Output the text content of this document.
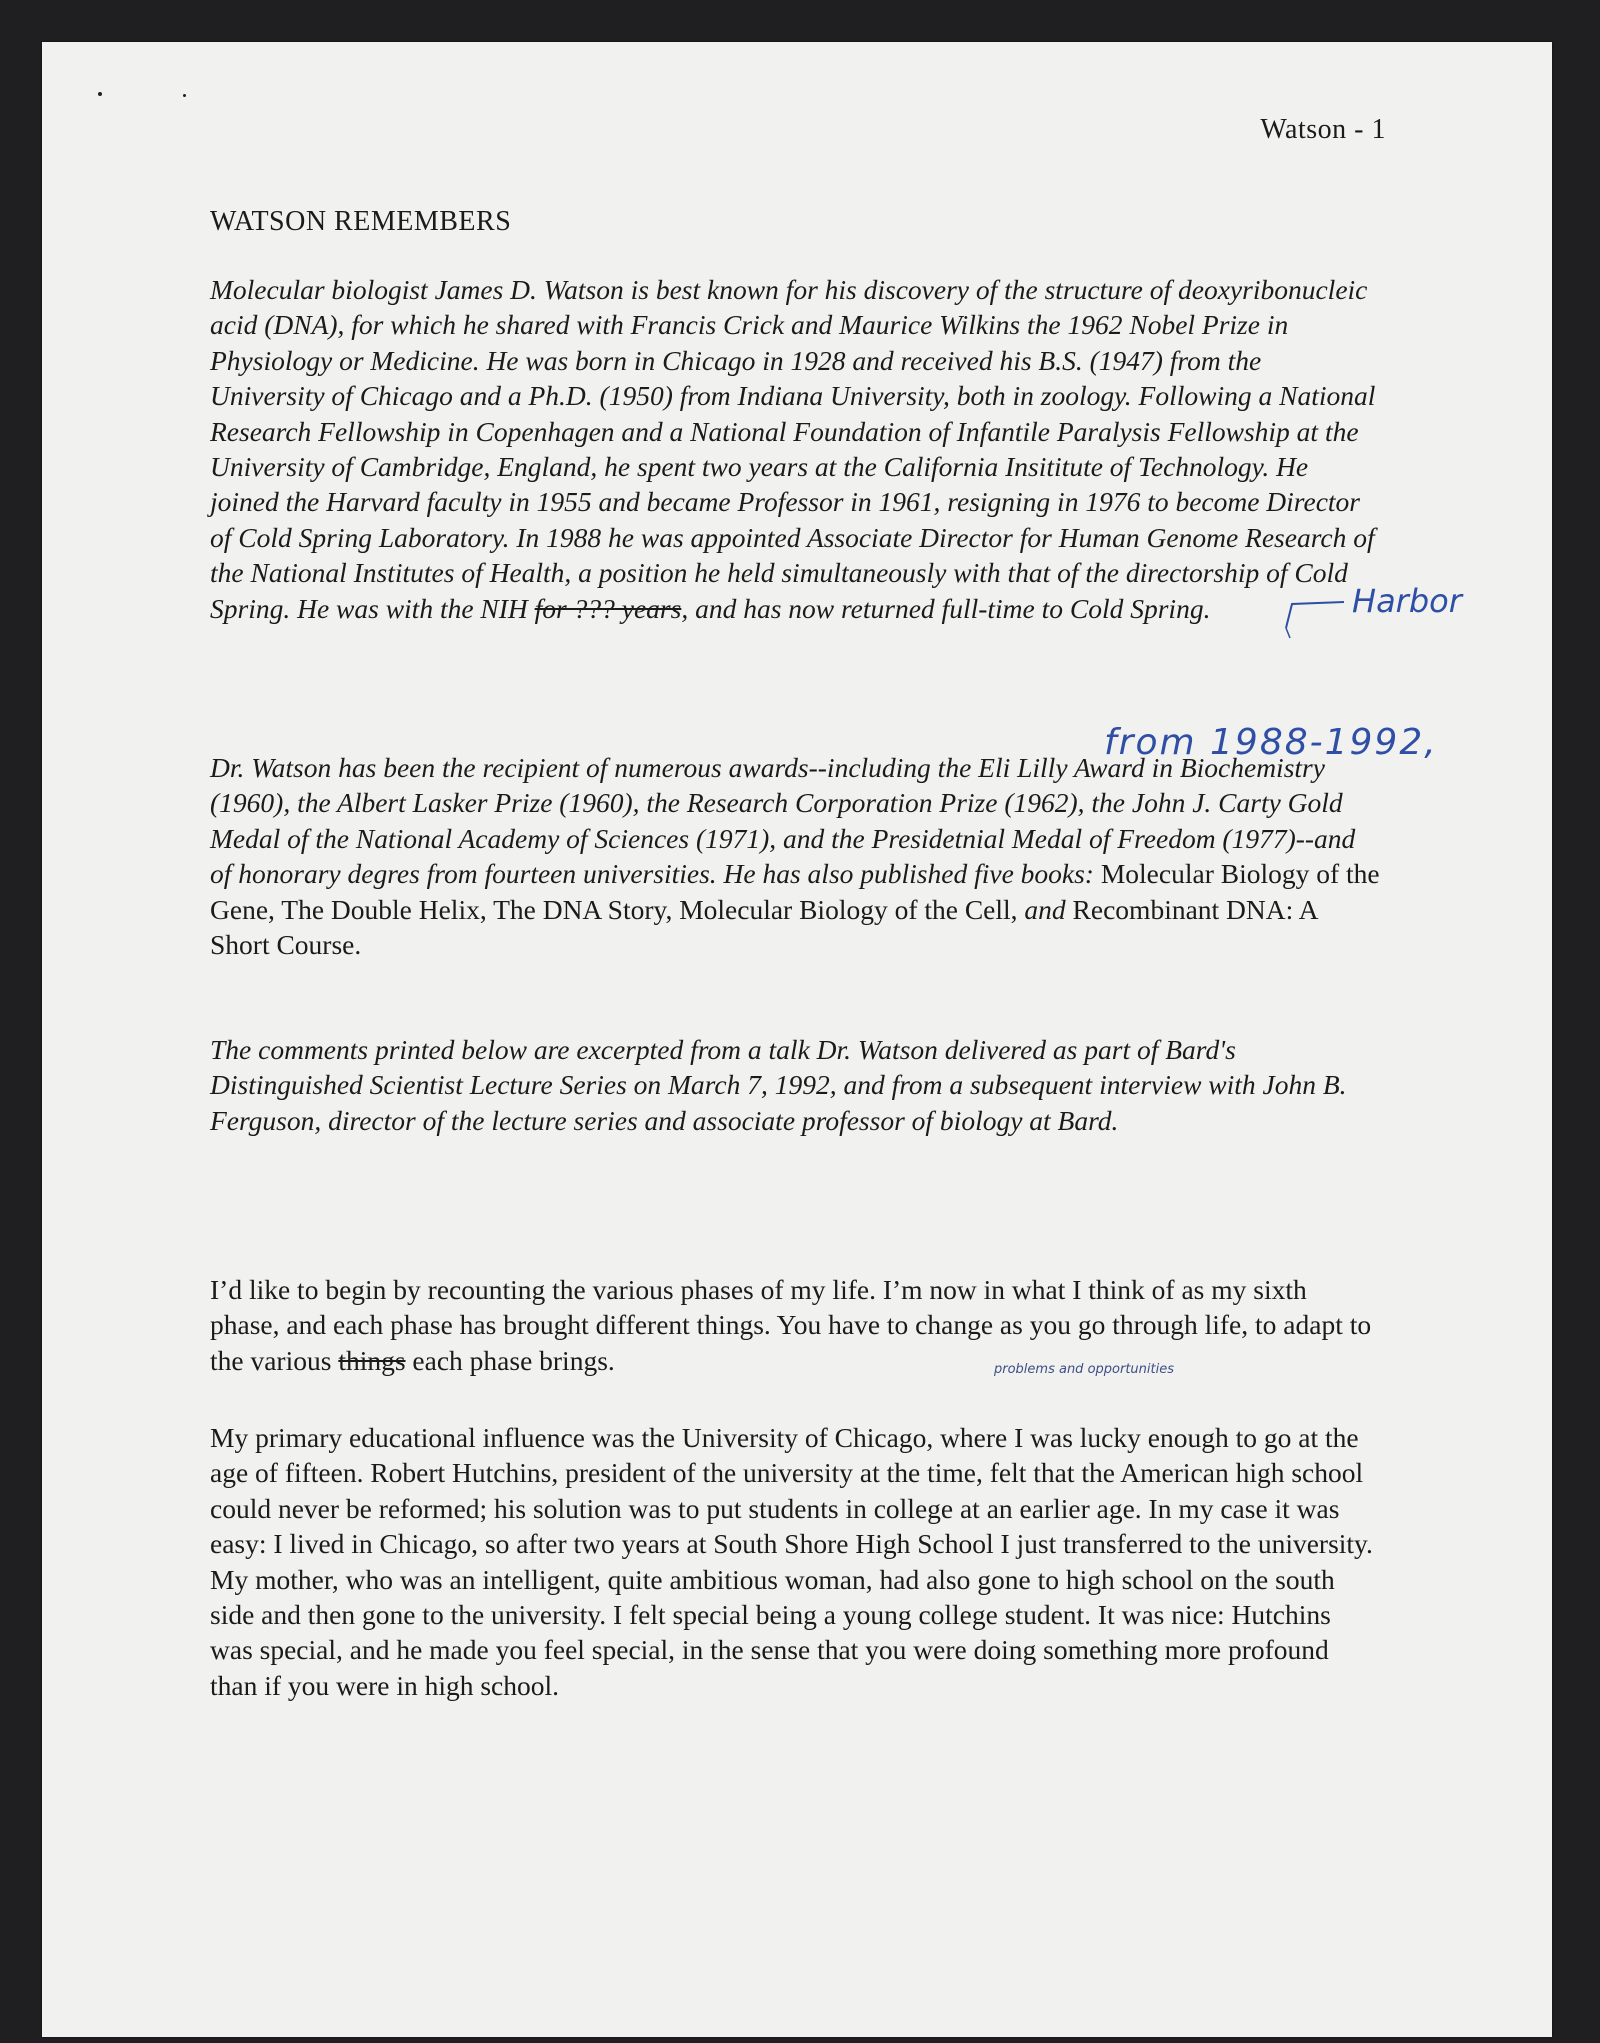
Watson - 1
WATSON REMEMBERS

Molecular biologist James D. Watson is best known for his discovery of the structure of deoxyribonucleic acid (DNA), for which he shared with Francis Crick and Maurice Wilkins the 1962 Nobel Prize in Physiology or Medicine. He was born in Chicago in 1928 and received his B.S. (1947) from the University of Chicago and a Ph.D. (1950) from Indiana University, both in zoology. Following a National Research Fellowship in Copenhagen and a National Foundation of Infantile Paralysis Fellowship at the University of Cambridge, England, he spent two years at the California Insititute of Technology. He joined the Harvard faculty in 1955 and became Professor in 1961, resigning in 1976 to become Director of Cold Spring Laboratory. In 1988 he was appointed Associate Director for Human Genome Research of the National Institutes of Health, a position he held simultaneously with that of the directorship of Cold Spring. He was with the NIH for ??? years, and has now returned full-time to Cold Spring.

Dr. Watson has been the recipient of numerous awards--including the Eli Lilly Award in Biochemistry (1960), the Albert Lasker Prize (1960), the Research Corporation Prize (1962), the John J. Carty Gold Medal of the National Academy of Sciences (1971), and the Presidetnial Medal of Freedom (1977)--and of honorary degres from fourteen universities. He has also published five books: Molecular Biology of the Gene, The Double Helix, The DNA Story, Molecular Biology of the Cell, and Recombinant DNA: A Short Course.

The comments printed below are excerpted from a talk Dr. Watson delivered as part of Bard's Distinguished Scientist Lecture Series on March 7, 1992, and from a subsequent interview with John B. Ferguson, director of the lecture series and associate professor of biology at Bard.

I’d like to begin by recounting the various phases of my life. I’m now in what I think of as my sixth phase, and each phase has brought different things. You have to change as you go through life, to adapt to the various things each phase brings.

My primary educational influence was the University of Chicago, where I was lucky enough to go at the age of fifteen. Robert Hutchins, president of the university at the time, felt that the American high school could never be reformed; his solution was to put students in college at an earlier age. In my case it was easy: I lived in Chicago, so after two years at South Shore High School I just transferred to the university. My mother, who was an intelligent, quite ambitious woman, had also gone to high school on the south side and then gone to the university. I felt special being a young college student. It was nice: Hutchins was special, and he made you feel special, in the sense that you were doing something more profound than if you were in high school.

Harbor
from 1988-1992,
problems and opportunities
